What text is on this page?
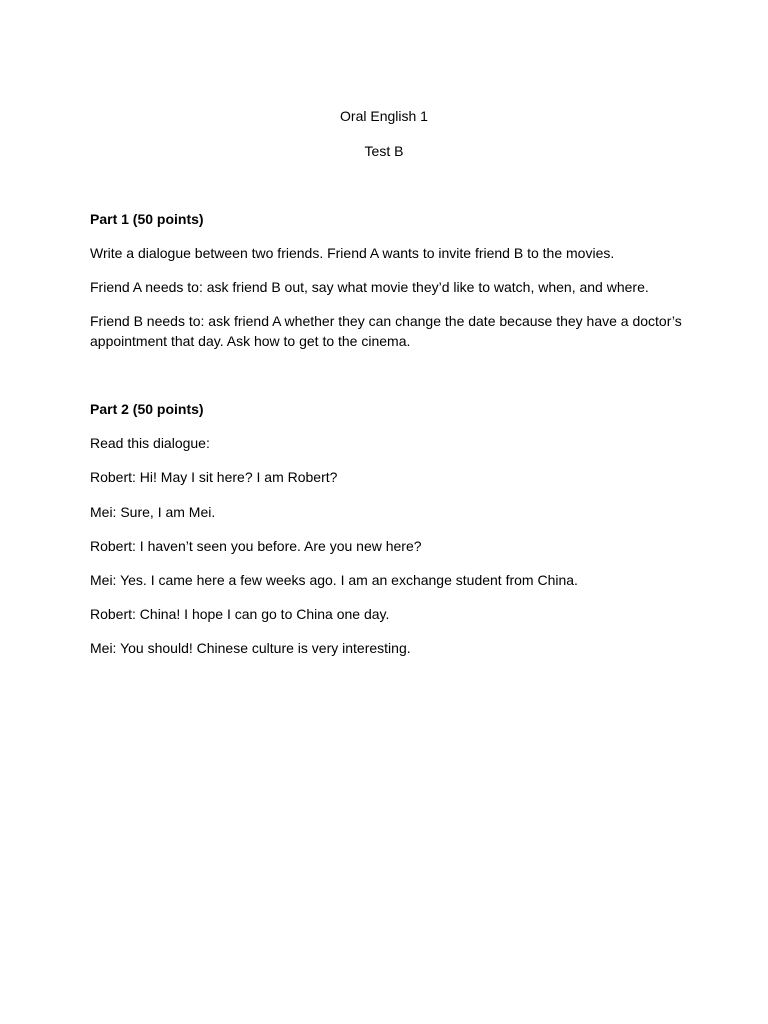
Oral English 1

Test B

Part 1 (50 points)

Write a dialogue between two friends. Friend A wants to invite friend B to the movies.

Friend A needs to: ask friend B out, say what movie they’d like to watch, when, and where.

Friend B needs to: ask friend A whether they can change the date because they have a doctor’s appointment that day. Ask how to get to the cinema.

Part 2 (50 points)

Read this dialogue:

Robert: Hi! May I sit here? I am Robert?

Mei: Sure, I am Mei.

Robert: I haven’t seen you before. Are you new here?

Mei: Yes. I came here a few weeks ago. I am an exchange student from China.

Robert: China! I hope I can go to China one day.

Mei: You should! Chinese culture is very interesting.
